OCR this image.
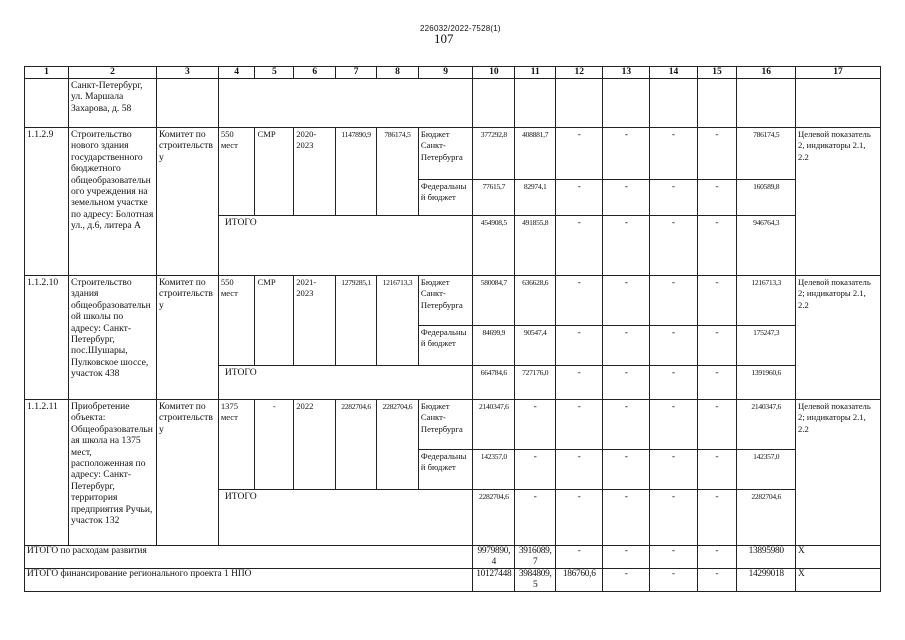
226032/2022-7528(1)
107
1	2	3	4	5	6	7	8	9	10	11	12	13	14	15	16	17
	Санкт-Петербург, ул. Маршала Захарова, д. 58															
1.1.2.9	Строительство нового здания государственного бюджетного общеобразовательного учреждения на земельном участке по адресу: Болотная ул., д.6, литера А	Комитет по строительству	550 мест	СМР	2020-2023	1147890,9	786174,5	Бюджет Санкт-Петербурга	377292,8	408881,7	-	-	-	-	786174,5	Целевой показатель 2, индикаторы 2.1, 2.2
								Федеральный бюджет	77615,7	82974,1	-	-	-	-	160589,8	
			ИТОГО						454908,5	491855,8	-	-	-	-	946764,3	
1.1.2.10	Строительство здания общеобразовательной школы по адресу: Санкт-Петербург, пос.Шушары, Пулковское шоссе, участок 438	Комитет по строительству	550 мест	СМР	2021-2023	1279285,1	1216713,3	Бюджет Санкт-Петербурга	580084,7	636628,6	-	-	-	-	1216713,3	Целевой показатель 2; индикаторы 2.1, 2.2
								Федеральный бюджет	84699,9	90547,4	-	-	-	-	175247,3	
			ИТОГО						664784,6	727176,0	-	-	-	-	1391960,6	
1.1.2.11	Приобретение объекта: Общеобразовательная школа на 1375 мест, расположенная по адресу: Санкт-Петербург, территория предприятия Ручьи, участок 132	Комитет по строительству	1375 мест	-	2022	2282704,6	2282704,6	Бюджет Санкт-Петербурга	2140347,6	-	-	-	-	-	2140347,6	Целевой показатель 2; индикаторы 2.1, 2.2
								Федеральный бюджет	142357,0	-	-	-	-	-	142357,0	
			ИТОГО						2282704,6	-	-	-	-	-	2282704,6	
ИТОГО по расходам развития									9979890,4	3916089,7	-	-	-	-	13895980	X
ИТОГО финансирование регионального проекта 1 НПО									10127448	3984809,5	186760,6	-	-	-	14299018	X
